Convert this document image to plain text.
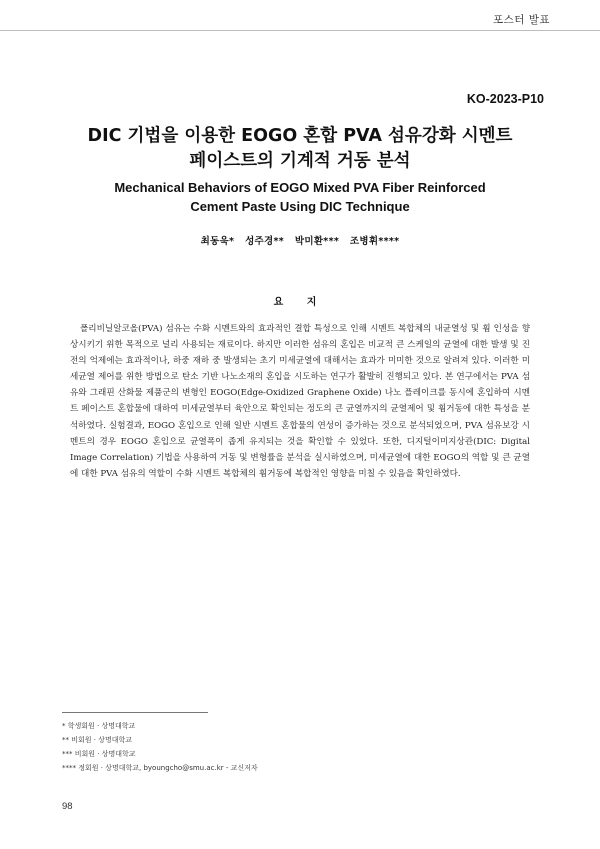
포스터 발표
KO-2023-P10
DIC 기법을 이용한 EOGO 혼합 PVA 섬유강화 시멘트
페이스트의 기계적 거동 분석
Mechanical Behaviors of EOGO Mixed PVA Fiber Reinforced
Cement Paste Using DIC Technique
최동욱*   성주경**   박미환***   조병휘****
요 지
폴리비닐알코올(PVA) 섬유는 수화 시멘트와의 효과적인 결합 특성으로 인해 시멘트 복합체의 내균열성 및 휨 인성을 향상시키기 위한 목적으로 널리 사용되는 재료이다. 하지만 이러한 섬유의 혼입은 비교적 큰 스케일의 균열에 대한 발생 및 진전의 억제에는 효과적이나, 하중 재하 중 발생되는 초기 미세균열에 대해서는 효과가 미미한 것으로 알려져 있다. 이러한 미세균열 제어를 위한 방법으로 탄소 기반 나노소재의 혼입을 시도하는 연구가 활발히 진행되고 있다. 본 연구에서는 PVA 섬유와 그래핀 산화물 제품군의 변형인 EOGO(Edge-Oxidized Graphene Oxide) 나노 플레이크를 동시에 혼입하여 시멘트 페이스트 혼합물에 대하여 미세균열부터 육안으로 확인되는 정도의 큰 균열까지의 균열제어 및 휨거동에 대한 특성을 분석하였다. 실험결과, EOGO 혼입으로 인해 일반 시멘트 혼합물의 연성이 증가하는 것으로 분석되었으며, PVA 섬유보강 시멘트의 경우 EOGO 혼입으로 균열폭이 좁게 유지되는 것을 확인할 수 있었다. 또한, 디지털이미지상관(DIC: Digital Image Correlation) 기법을 사용하여 거동 및 변형률을 분석을 실시하였으며, 미세균열에 대한 EOGO의 역할 및 큰 균열에 대한 PVA 섬유의 역할이 수화 시멘트 복합체의 휨거동에 복합적인 영향을 미칠 수 있음을 확인하였다.
* 학생회원 · 상명대학교
** 비회원 · 상명대학교
*** 비회원 · 상명대학교
**** 정회원 · 상명대학교, byoungcho@smu.ac.kr - 교신저자
98
